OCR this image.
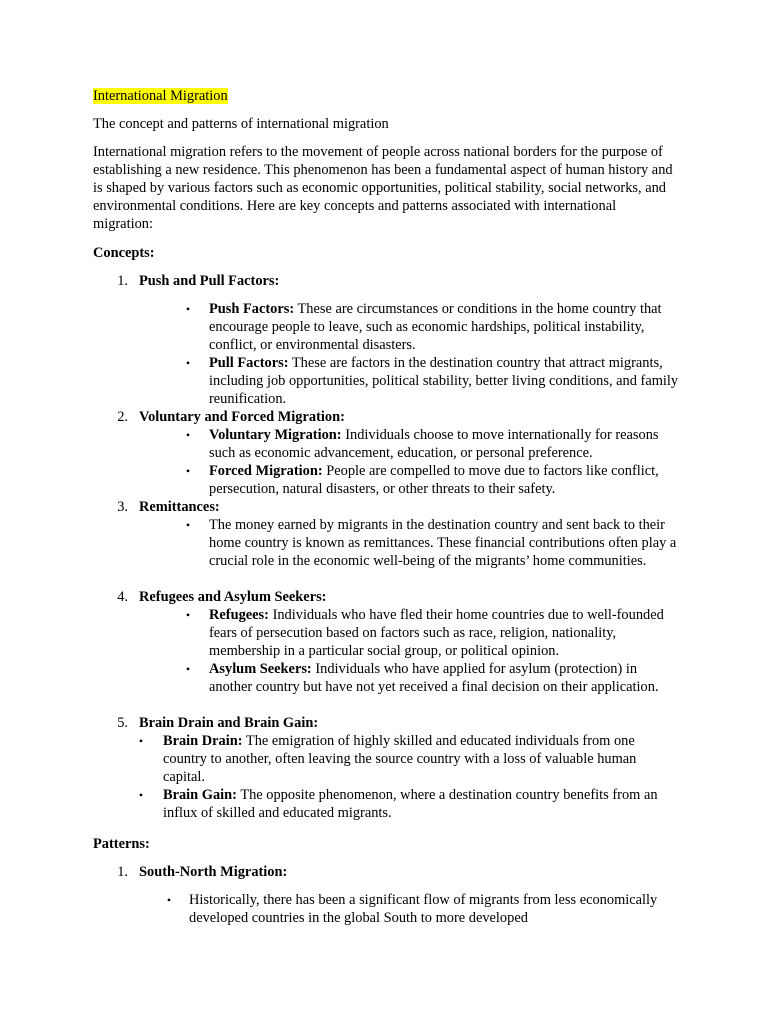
International Migration
The concept and patterns of international migration
International migration refers to the movement of people across national borders for the purpose of establishing a new residence. This phenomenon has been a fundamental aspect of human history and is shaped by various factors such as economic opportunities, political stability, social networks, and environmental conditions. Here are key concepts and patterns associated with international migration:
Concepts:
1. Push and Pull Factors:
• Push Factors: These are circumstances or conditions in the home country that encourage people to leave, such as economic hardships, political instability, conflict, or environmental disasters.
• Pull Factors: These are factors in the destination country that attract migrants, including job opportunities, political stability, better living conditions, and family reunification.
2. Voluntary and Forced Migration:
• Voluntary Migration: Individuals choose to move internationally for reasons such as economic advancement, education, or personal preference.
• Forced Migration: People are compelled to move due to factors like conflict, persecution, natural disasters, or other threats to their safety.
3. Remittances:
• The money earned by migrants in the destination country and sent back to their home country is known as remittances. These financial contributions often play a crucial role in the economic well-being of the migrants’ home communities.
4. Refugees and Asylum Seekers:
• Refugees: Individuals who have fled their home countries due to well-founded fears of persecution based on factors such as race, religion, nationality, membership in a particular social group, or political opinion.
• Asylum Seekers: Individuals who have applied for asylum (protection) in another country but have not yet received a final decision on their application.
5. Brain Drain and Brain Gain:
• Brain Drain: The emigration of highly skilled and educated individuals from one country to another, often leaving the source country with a loss of valuable human capital.
• Brain Gain: The opposite phenomenon, where a destination country benefits from an influx of skilled and educated migrants.
Patterns:
1. South-North Migration:
• Historically, there has been a significant flow of migrants from less economically developed countries in the global South to more developed
